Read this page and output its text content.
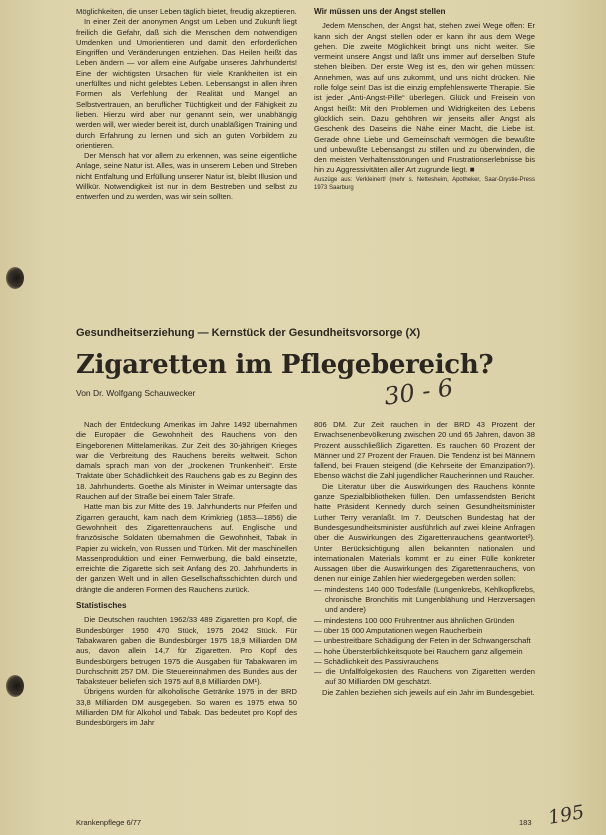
Möglichkeiten, die unser Leben täglich bietet, freudig akzeptieren.

In einer Zeit der anonymen Angst um Leben und Zukunft liegt freilich die Gefahr, daß sich die Menschen dem notwendigen Umdenken und Umorientieren und damit den erforderlichen Eingriffen und Veränderungen entziehen. Das Heilen heißt das Leben ändern — vor allem eine Aufgabe unseres Jahrhunderts! Eine der wichtigsten Ursachen für viele Krankheiten ist ein unerfülltes und nicht gelebtes Leben. Lebensangst in allen ihren Formen als Verfehlung der Realität und Mangel an Selbstvertrauen, an beruflicher Tüchtigkeit und der Fähigkeit zu lieben. Hierzu wird aber nur genannt sein, wer unabhängig werden will, wer wieder bereit ist, durch unabläßigen Training und durch Erfahrung zu lernen und sich an guten Vorbildern zu orientieren.

Der Mensch hat vor allem zu erkennen, was seine eigentliche Anlage, seine Natur ist. Alles, was in unserem Leben und Streben nicht Entfaltung und Erfüllung unserer Natur ist, bleibt Illusion und Willkür. Notwendigkeit ist nur in dem Bestreben und selbst zu entwerfen und zu werden, was wir sein sollten.

Wir müssen uns der Angst stellen

Jedem Menschen, der Angst hat, stehen zwei Wege offen: Er kann sich der Angst stellen oder er kann ihr aus dem Wege gehen. Die zweite Möglichkeit bringt uns nicht weiter. Sie vermeint unsere Angst und läßt uns immer auf derselben Stufe stehen bleiben. Der erste Weg ist es, den wir gehen müssen: Annehmen, was auf uns zukommt, und uns nicht drücken. Nie rolle folge sein! Das ist die einzig empfehlenswerte Therapie. Sie ist jeder „Anti-Angst-Pille“ überlegen. Glück und Freisein von Angst heißt: Mit den Problemen und Widrigkeiten des Lebens glücklich sein. Dazu gehöhren wir jenseits aller Angst als Geschenk des Daseins die Nähe einer Macht, die Liebe ist. Gerade ohne Liebe und Gemeinschaft vermögen die bewußte und unbewußte Lebensangst zu stillen und zu überwinden, die den meisten Verhaltensstörungen und Frustrationserlebnisse bis hin zu Aggressivitäten aller Art zugrunde liegt. ■

Auszüge aus: Verkleinert! (mehr s. Nettesheim, Apotheker, Saar-Drystie-Press 1973 Saarburg

Gesundheitserziehung — Kernstück der Gesundheitsvorsorge (X)
Zigaretten im Pflegebereich?
Von Dr. Wolfgang Schauwecker	30 - 6

Nach der Entdeckung Amerikas im Jahre 1492 übernahmen die Europäer die Gewohnheit des Rauchens von den Eingeborenen Mittelamerikas. Zur Zeit des 30-jährigen Krieges war die Verbreitung des Rauchens bereits weltweit. Schon damals sprach man von der „trockenen Trunkenheit“. Erste Traktate über Schädlichkeit des Rauchens gab es zu Beginn des 18. Jahrhunderts. Goethe als Minister in Weimar untersagte das Rauchen auf der Straße bei einem Taler Strafe.

Hatte man bis zur Mitte des 19. Jahrhunderts nur Pfeifen und Zigarren geraucht, kam nach dem Krimkrieg (1853—1856) die Gewohnheit des Zigarettenrauchens auf. Englische und französische Soldaten übernahmen die Gewohnheit, Tabak in Papier zu wickeln, von Russen und Türken. Mit der maschinellen Massenproduktion und einer Fernwerbung, die bald einsetzte, erreichte die Zigarette sich seit Anfang des 20. Jahrhunderts in der ganzen Welt und in allen Gesellschaftsschichten durch und drängte die anderen Formen des Rauchens zurück.

Statistisches

Die Deutschen rauchten 1962/33 489 Zigaretten pro Kopf, die Bundesbürger 1950 470 Stück, 1975 2042 Stück. Für Tabakwaren gaben die Bundesbürger 1975 18,9 Milliarden DM aus, davon allein 14,7 für Zigaretten. Pro Kopf des Bundesbürgers betrugen 1975 die Ausgaben für Tabakwaren im Durchschnitt 257 DM. Die Steuereinnahmen des Bundes aus der Tabaksteuer beliefen sich 1975 auf 8,8 Milliarden DM¹).

Übrigens wurden für alkoholische Getränke 1975 in der BRD 33,8 Milliarden DM ausgegeben. So waren es 1975 etwa 50 Milliarden DM für Alkohol und Tabak. Das bedeutet pro Kopf des Bundesbürgers im Jahr

806 DM. Zur Zeit rauchen in der BRD 43 Prozent der Erwachsenenbevölkerung zwischen 20 und 65 Jahren, davon 38 Prozent ausschließlich Zigaretten. Es rauchen 60 Prozent der Männer und 27 Prozent der Frauen. Die Tendenz ist bei Männern fallend, bei Frauen steigend (die Kehrseite der Emanzipation?). Ebenso wächst die Zahl jugendlicher Raucherinnen und Raucher.

Die Literatur über die Auswirkungen des Rauchens könnte ganze Spezialbibliotheken füllen. Den umfassendsten Bericht hatte Präsident Kennedy durch seinen Gesundheitsminister Luther Terry veranlaßt. Im 7. Deutschen Bundestag hat der Bundesgesundheitsminister ausführlich auf zwei kleine Anfragen über die Auswirkungen des Zigarettenrauchens geantwortet²). Unter Berücksichtigung allen bekannten nationalen und internationalen Materials kommt er zu einer Fülle konkreter Aussagen über die Auswirkungen des Zigarettenrauchens, von denen nur einige Zahlen hier wiedergegeben werden sollen:

— mindestens 140 000 Todesfälle (Lungenkrebs, Kehlkopfkrebs, chronische Bronchitis mit Lungenblähung und Herzversagen und andere)
— mindestens 100 000 Frührentner aus ähnlichen Gründen
— über 15 000 Amputationen wegen Raucherbein
— unbestreitbare Schädigung der Feten in der Schwangerschaft
— hohe Übersterblichkeitsquote bei Rauchern ganz allgemein
— Schädlichkeit des Passivrauchens
— die Unfallfolgekosten des Rauchens von Zigaretten werden auf 30 Milliarden DM geschätzt.

Die Zahlen beziehen sich jeweils auf ein Jahr im Bundesgebiet.

Krankenpflege 6/77	183 195
